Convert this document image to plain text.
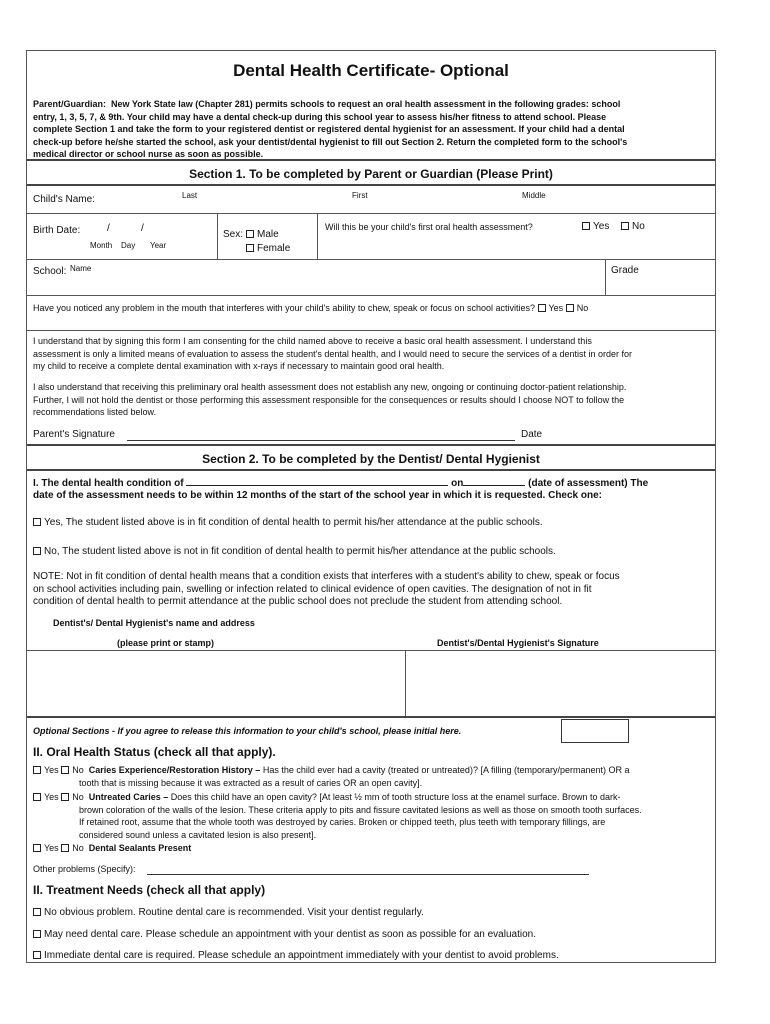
Dental Health Certificate- Optional
Parent/Guardian: New York State law (Chapter 281) permits schools to request an oral health assessment in the following grades: school
entry, 1, 3, 5, 7, & 9th. Your child may have a dental check-up during this school year to assess his/her fitness to attend school. Please
complete Section 1 and take the form to your registered dentist or registered dental hygienist for an assessment. If your child had a dental
check-up before he/she started the school, ask your dentist/dental hygienist to fill out Section 2. Return the completed form to the school's
medical director or school nurse as soon as possible.
Section 1. To be completed by Parent or Guardian (Please Print)
Child's Name:	Last	First	Middle
Birth Date:	/	/
Month Day Year
Sex:	Male
Female
Will this be your child's first oral health assessment?	Yes	No
School: Name	Grade
Have you noticed any problem in the mouth that interferes with your child's ability to chew, speak or focus on school activities? Yes No
I understand that by signing this form I am consenting for the child named above to receive a basic oral health assessment. I understand this
assessment is only a limited means of evaluation to assess the student's dental health, and I would need to secure the services of a dentist in order for
my child to receive a complete dental examination with x-rays if necessary to maintain good oral health.
I also understand that receiving this preliminary oral health assessment does not establish any new, ongoing or continuing doctor-patient relationship.
Further, I will not hold the dentist or those performing this assessment responsible for the consequences or results should I choose NOT to follow the
recommendations listed below.
Parent's Signature	Date
Section 2. To be completed by the Dentist/ Dental Hygienist
I. The dental health condition of	on	(date of assessment) The
date of the assessment needs to be within 12 months of the start of the school year in which it is requested. Check one:
Yes, The student listed above is in fit condition of dental health to permit his/her attendance at the public schools.
No, The student listed above is not in fit condition of dental health to permit his/her attendance at the public schools.
NOTE: Not in fit condition of dental health means that a condition exists that interferes with a student's ability to chew, speak or focus
on school activities including pain, swelling or infection related to clinical evidence of open cavities. The designation of not in fit
condition of dental health to permit attendance at the public school does not preclude the student from attending school.
Dentist's/ Dental Hygienist's name and address
(please print or stamp)	Dentist's/Dental Hygienist's Signature
Optional Sections - If you agree to release this information to your child's school, please initial here.
II. Oral Health Status (check all that apply).
Yes No Caries Experience/Restoration History – Has the child ever had a cavity (treated or untreated)? [A filling (temporary/permanent) OR a
tooth that is missing because it was extracted as a result of caries OR an open cavity].
Yes No Untreated Caries – Does this child have an open cavity? [At least ½ mm of tooth structure loss at the enamel surface. Brown to dark-
brown coloration of the walls of the lesion. These criteria apply to pits and fissure cavitated lesions as well as those on smooth tooth surfaces.
If retained root, assume that the whole tooth was destroyed by caries. Broken or chipped teeth, plus teeth with temporary fillings, are
considered sound unless a cavitated lesion is also present].
Yes No Dental Sealants Present
Other problems (Specify):
II. Treatment Needs (check all that apply)
No obvious problem. Routine dental care is recommended. Visit your dentist regularly.
May need dental care. Please schedule an appointment with your dentist as soon as possible for an evaluation.
Immediate dental care is required. Please schedule an appointment immediately with your dentist to avoid problems.
